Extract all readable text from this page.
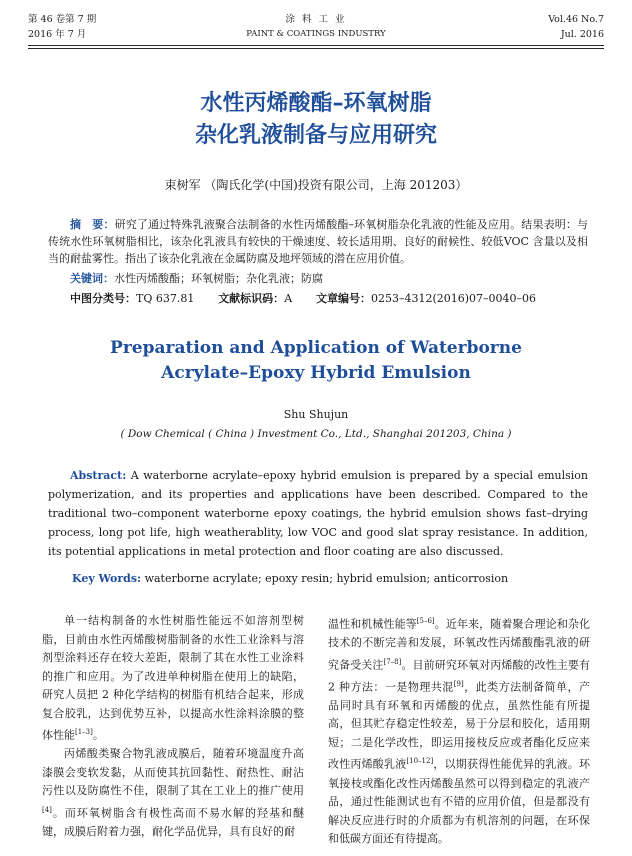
第 46 卷第 7 期
2016 年 7 月
涂 料 工 业
PAINT & COATINGS INDUSTRY
Vol.46 No.7
Jul. 2016
水性丙烯酸酯–环氧树脂
杂化乳液制备与应用研究
束树军 （陶氏化学(中国)投资有限公司，上海 201203）
摘　要：研究了通过特殊乳液聚合法制备的水性丙烯酸酯–环氧树脂杂化乳液的性能及应用。结果表明：与传统水性环氧树脂相比，该杂化乳液具有较快的干燥速度、较长适用期、良好的耐候性、较低VOC 含量以及相当的耐盐雾性。指出了该杂化乳液在金属防腐及地坪领域的潜在应用价值。
关键词：水性丙烯酸酯；环氧树脂；杂化乳液；防腐
中图分类号：TQ 637.81 文献标识码：A 文章编号：0253–4312(2016)07–0040–06
Preparation and Application of Waterborne
Acrylate–Epoxy Hybrid Emulsion
Shu Shujun
( Dow Chemical ( China ) Investment Co., Ltd., Shanghai 201203, China )
Abstract: A waterborne acrylate–epoxy hybrid emulsion is prepared by a special emulsion polymerization, and its properties and applications have been described. Compared to the traditional two–component waterborne epoxy coatings, the hybrid emulsion shows fast–drying process, long pot life, high weatherablity, low VOC and good slat spray resistance. In addition, its potential applications in metal protection and floor coating are also discussed.
Key Words: waterborne acrylate; epoxy resin; hybrid emulsion; anticorrosion

单一结构制备的水性树脂性能远不如溶剂型树脂，目前由水性丙烯酸树脂制备的水性工业涂料与溶剂型涂料还存在较大差距，限制了其在水性工业涂料的推广和应用。为了改进单种树脂在使用上的缺陷，研究人员把 2 种化学结构的树脂有机结合起来，形成复合胶乳，达到优势互补，以提高水性涂料涂膜的整体性能[1–3]。

丙烯酸类聚合物乳液成膜后，随着环境温度升高漆膜会变软发黏，从而使其抗回黏性、耐热性、耐沾污性以及防腐性不佳，限制了其在工业上的推广使用[4]。而环氧树脂含有极性高而不易水解的羟基和醚键，成膜后附着力强，耐化学品优异，具有良好的耐

温性和机械性能等[5–6]。近年来，随着聚合理论和杂化技术的不断完善和发展，环氧改性丙烯酸酯乳液的研究备受关注[7–8]。目前研究环氧对丙烯酸的改性主要有 2 种方法：一是物理共混[9]，此类方法制备简单，产品同时具有环氧和丙烯酸的优点，虽然性能有所提高，但其贮存稳定性较差，易于分层和胶化，适用期短；二是化学改性，即运用接枝反应或者酯化反应来改性丙烯酸乳液[10–12]，以期获得性能优异的乳液。环氧接枝或酯化改性丙烯酸虽然可以得到稳定的乳液产品，通过性能测试也有不错的应用价值，但是都没有解决反应进行时的介质都为有机溶剂的问题，在环保和低碳方面还有待提高。
